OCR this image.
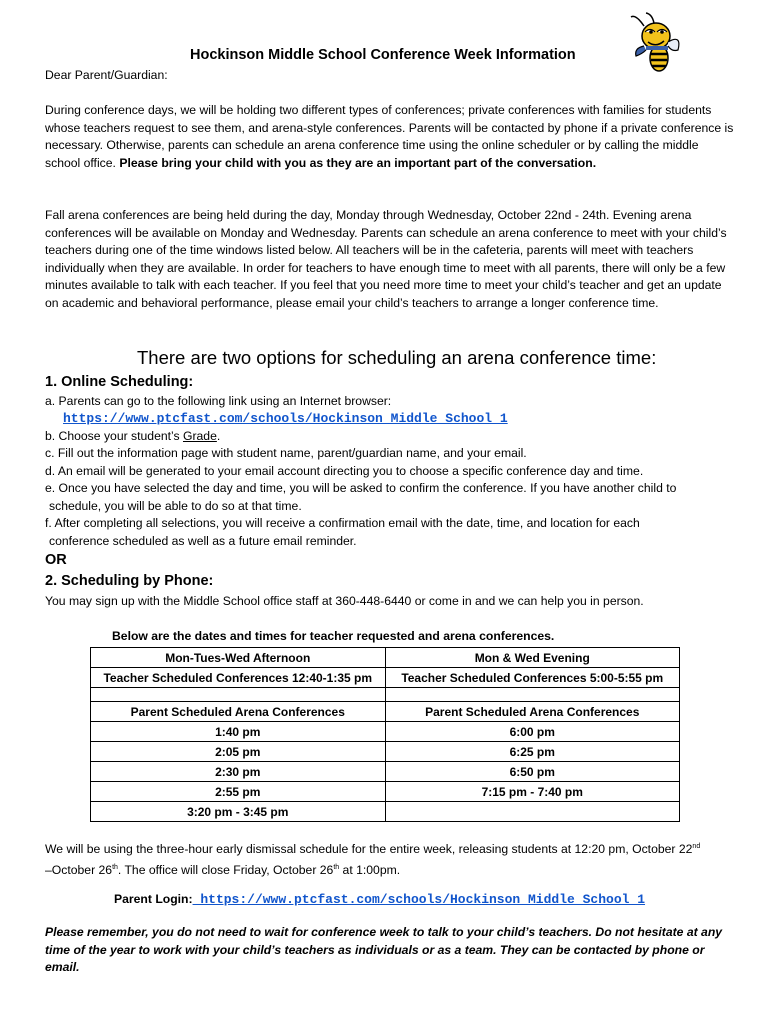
Hockinson Middle School Conference Week Information
Dear Parent/Guardian:
During conference days, we will be holding two different types of conferences; private conferences with families for students whose teachers request to see them, and arena-style conferences. Parents will be contacted by phone if a private conference is necessary. Otherwise, parents can schedule an arena conference time using the online scheduler or by calling the middle school office. Please bring your child with you as they are an important part of the conversation.
Fall arena conferences are being held during the day, Monday through Wednesday, October 22nd - 24th. Evening arena conferences will be available on Monday and Wednesday. Parents can schedule an arena conference to meet with your child’s teachers during one of the time windows listed below. All teachers will be in the cafeteria, parents will meet with teachers individually when they are available. In order for teachers to have enough time to meet with all parents, there will only be a few minutes available to talk with each teacher. If you feel that you need more time to meet your child’s teacher and get an update on academic and behavioral performance, please email your child’s teachers to arrange a longer conference time.
There are two options for scheduling an arena conference time:
1. Online Scheduling:
a. Parents can go to the following link using an Internet browser:
https://www.ptcfast.com/schools/Hockinson_Middle_School_1
b. Choose your student’s Grade.
c. Fill out the information page with student name, parent/guardian name, and your email.
d. An email will be generated to your email account directing you to choose a specific conference day and time.
e. Once you have selected the day and time, you will be asked to confirm the conference. If you have another child to
schedule, you will be able to do so at that time.
f. After completing all selections, you will receive a confirmation email with the date, time, and location for each
conference scheduled as well as a future email reminder.
OR
2. Scheduling by Phone:
You may sign up with the Middle School office staff at 360-448-6440 or come in and we can help you in person.
We will be using the three-hour early dismissal schedule for the entire week, releasing students at 12:20 pm, October 22nd
–October 26th. The office will close Friday, October 26th at 1:00pm.
Parent Login: https://www.ptcfast.com/schools/Hockinson_Middle_School_1
Please remember, you do not need to wait for conference week to talk to your child’s teachers. Do not hesitate at any time of the year to work with your child’s teachers as individuals or as a team. They can be contacted by phone or email.
Below are the dates and times for teacher requested and arena conferences.
Mon-Tues-Wed Afternoon	Mon & Wed Evening
Teacher Scheduled Conferences 12:40-1:35 pm	Teacher Scheduled Conferences 5:00-5:55 pm

Parent Scheduled Arena Conferences	Parent Scheduled Arena Conferences
1:40 pm	6:00 pm
2:05 pm	6:25 pm
2:30 pm	6:50 pm
2:55 pm	7:15 pm - 7:40 pm
3:20 pm - 3:45 pm	
